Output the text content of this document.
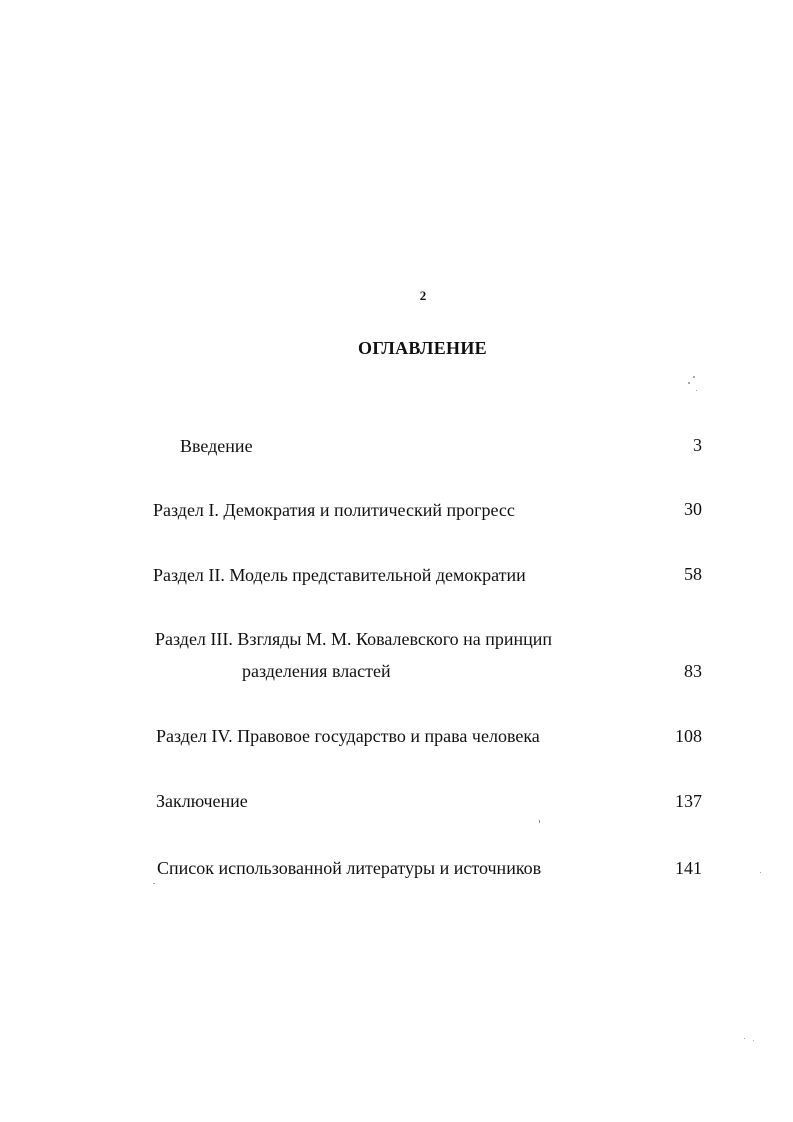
2
ОГЛАВЛЕНИЕ
Введение	3
Раздел I. Демократия и политический прогресс	30
Раздел II. Модель представительной демократии	58
Раздел III. Взгляды М. М. Ковалевского на принцип
разделения властей	83
Раздел IV. Правовое государство и права человека	108
Заключение	137
Список использованной литературы и источников	141
